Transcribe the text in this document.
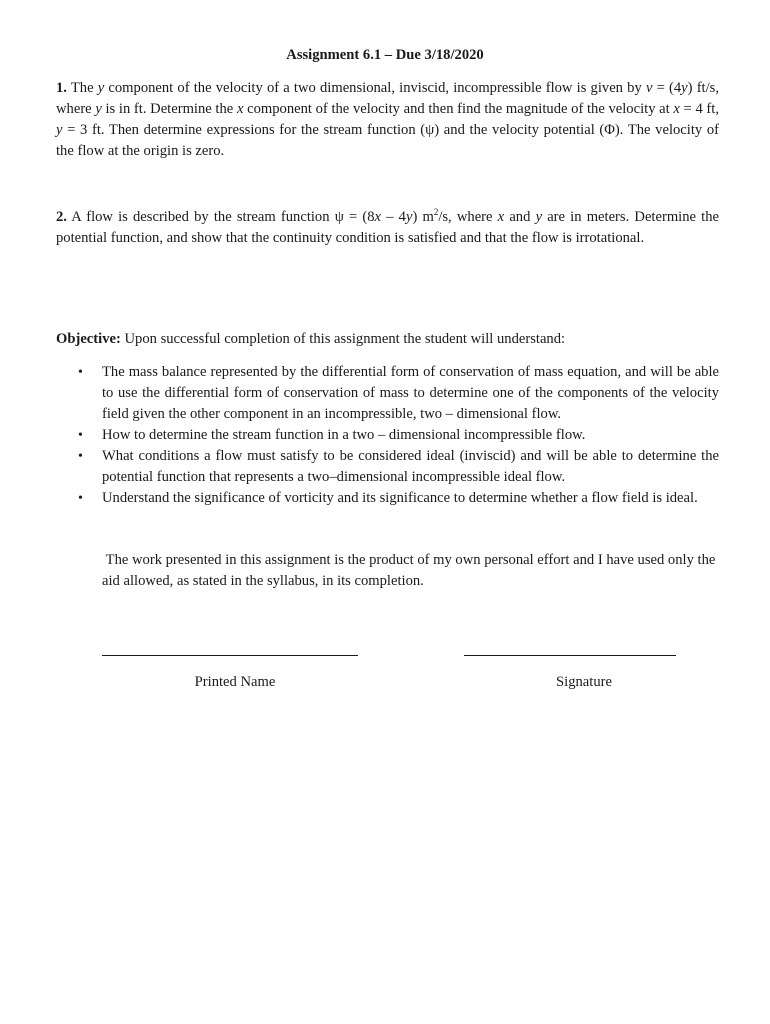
Assignment 6.1 – Due 3/18/2020

1. The y component of the velocity of a two dimensional, inviscid, incompressible flow is given by v = (4y) ft/s, where y is in ft. Determine the x component of the velocity and then find the magnitude of the velocity at x = 4 ft, y = 3 ft. Then determine expressions for the stream function (ψ) and the velocity potential (Φ). The velocity of the flow at the origin is zero.

2. A flow is described by the stream function ψ = (8x – 4y) $m^2/s$, where x and y are in meters. Determine the potential function, and show that the continuity condition is satisfied and that the flow is irrotational.

Objective: Upon successful completion of this assignment the student will understand:

• The mass balance represented by the differential form of conservation of mass equation, and will be able to use the differential form of conservation of mass to determine one of the components of the velocity field given the other component in an incompressible, two – dimensional flow.
• How to determine the stream function in a two – dimensional incompressible flow.
• What conditions a flow must satisfy to be considered ideal (inviscid) and will be able to determine the potential function that represents a two–dimensional incompressible ideal flow.
• Understand the significance of vorticity and its significance to determine whether a flow field is ideal.

The work presented in this assignment is the product of my own personal effort and I have used only the aid allowed, as stated in the syllabus, in its completion.

Printed Name	Signature
